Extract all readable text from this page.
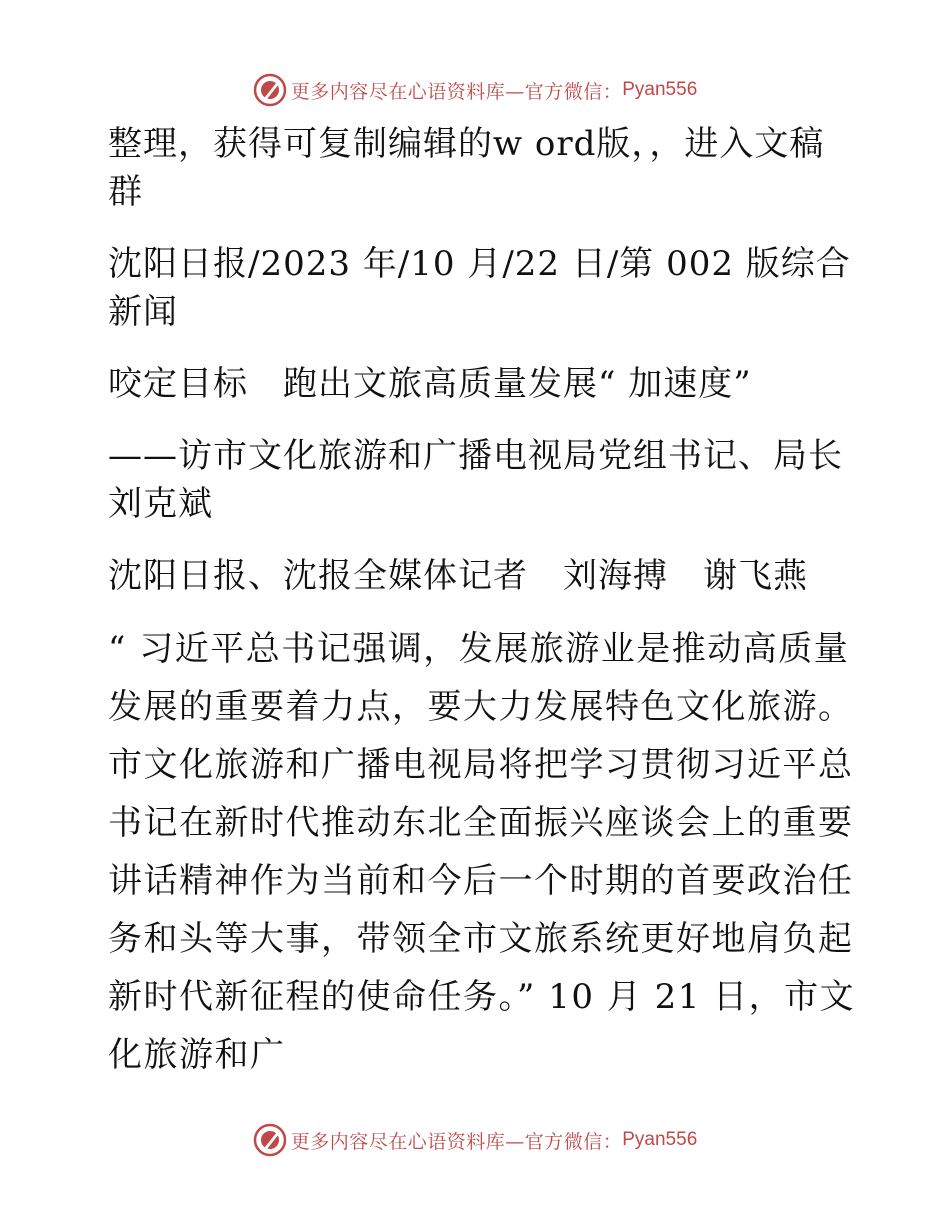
更多内容尽在心语资料库—官方微信： Pyan556

整理，获得可复制编辑的w ord版，，进入文稿群

沈阳日报/2023 年/10 月/22 日/第 002 版综合新闻

咬定目标　跑出文旅高质量发展“ 加速度”

——访市文化旅游和广播电视局党组书记、局长刘克斌

沈阳日报、沈报全媒体记者　刘海搏　谢飞燕

“ 习近平总书记强调，发展旅游业是推动高质量发展的重要着力点，要大力发展特色文化旅游。市文化旅游和广播电视局将把学习贯彻习近平总书记在新时代推动东北全面振兴座谈会上的重要讲话精神作为当前和今后一个时期的首要政治任务和头等大事，带领全市文旅系统更好地肩负起新时代新征程的使命任务。” 10 月 21 日，市文化旅游和广

更多内容尽在心语资料库—官方微信： Pyan556
